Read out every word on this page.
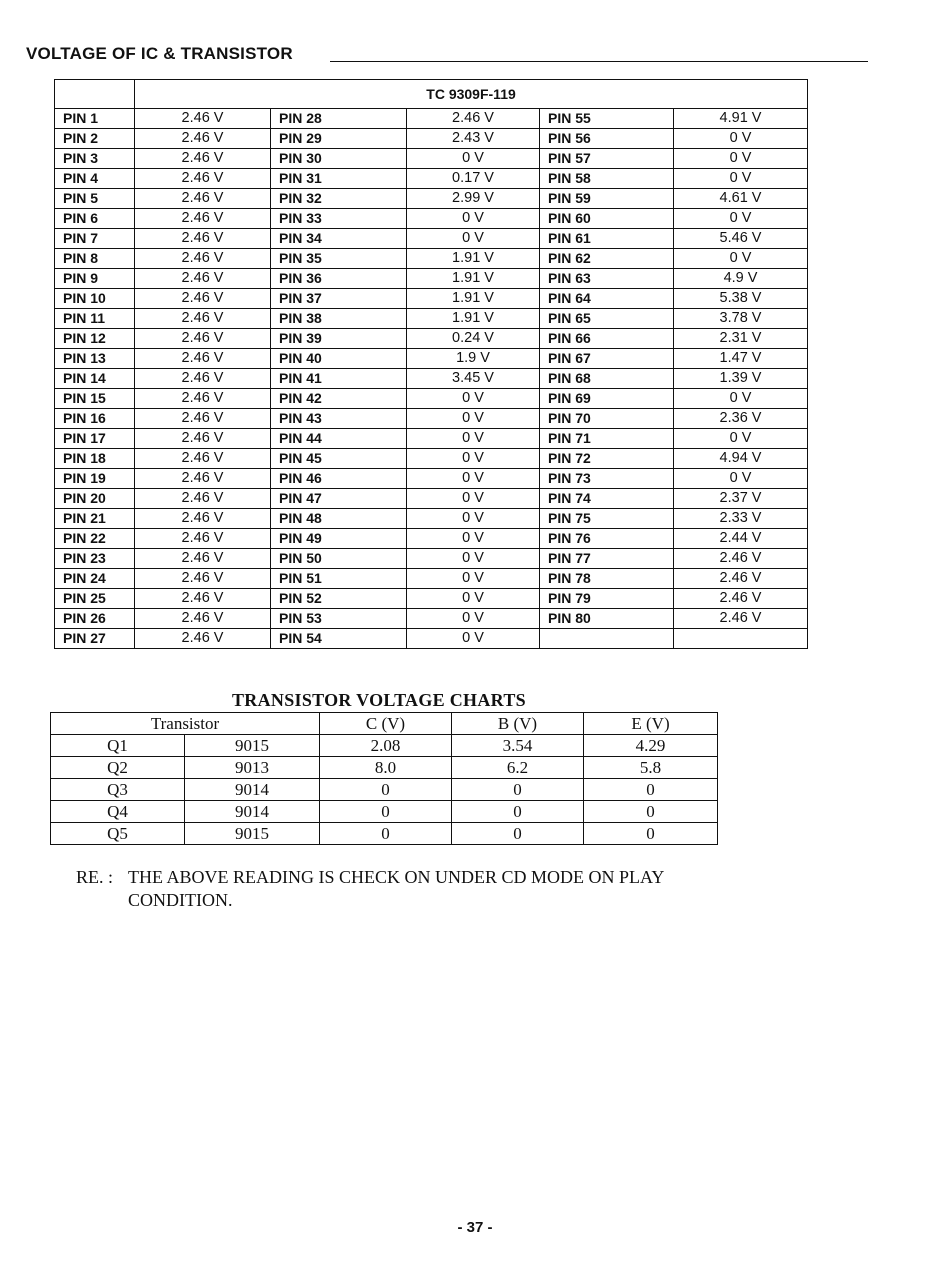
VOLTAGE OF IC & TRANSISTOR
	TC 9309F-119				
PIN 1	2.46 V	PIN 28	2.46 V	PIN 55	4.91 V
PIN 2	2.46 V	PIN 29	2.43 V	PIN 56	0 V
PIN 3	2.46 V	PIN 30	0 V	PIN 57	0 V
PIN 4	2.46 V	PIN 31	0.17 V	PIN 58	0 V
PIN 5	2.46 V	PIN 32	2.99 V	PIN 59	4.61 V
PIN 6	2.46 V	PIN 33	0 V	PIN 60	0 V
PIN 7	2.46 V	PIN 34	0 V	PIN 61	5.46 V
PIN 8	2.46 V	PIN 35	1.91 V	PIN 62	0 V
PIN 9	2.46 V	PIN 36	1.91 V	PIN 63	4.9 V
PIN 10	2.46 V	PIN 37	1.91 V	PIN 64	5.38 V
PIN 11	2.46 V	PIN 38	1.91 V	PIN 65	3.78 V
PIN 12	2.46 V	PIN 39	0.24 V	PIN 66	2.31 V
PIN 13	2.46 V	PIN 40	1.9 V	PIN 67	1.47 V
PIN 14	2.46 V	PIN 41	3.45 V	PIN 68	1.39 V
PIN 15	2.46 V	PIN 42	0 V	PIN 69	0 V
PIN 16	2.46 V	PIN 43	0 V	PIN 70	2.36 V
PIN 17	2.46 V	PIN 44	0 V	PIN 71	0 V
PIN 18	2.46 V	PIN 45	0 V	PIN 72	4.94 V
PIN 19	2.46 V	PIN 46	0 V	PIN 73	0 V
PIN 20	2.46 V	PIN 47	0 V	PIN 74	2.37 V
PIN 21	2.46 V	PIN 48	0 V	PIN 75	2.33 V
PIN 22	2.46 V	PIN 49	0 V	PIN 76	2.44 V
PIN 23	2.46 V	PIN 50	0 V	PIN 77	2.46 V
PIN 24	2.46 V	PIN 51	0 V	PIN 78	2.46 V
PIN 25	2.46 V	PIN 52	0 V	PIN 79	2.46 V
PIN 26	2.46 V	PIN 53	0 V	PIN 80	2.46 V
PIN 27	2.46 V	PIN 54	0 V		
TRANSISTOR VOLTAGE CHARTS
Transistor		C (V)	B (V)	E (V)
Q1	9015	2.08	3.54	4.29
Q2	9013	8.0	6.2	5.8
Q3	9014	0	0	0
Q4	9014	0	0	0
Q5	9015	0	0	0
RE. : THE ABOVE READING IS CHECK ON UNDER CD MODE ON PLAY
CONDITION.
- 37 -
